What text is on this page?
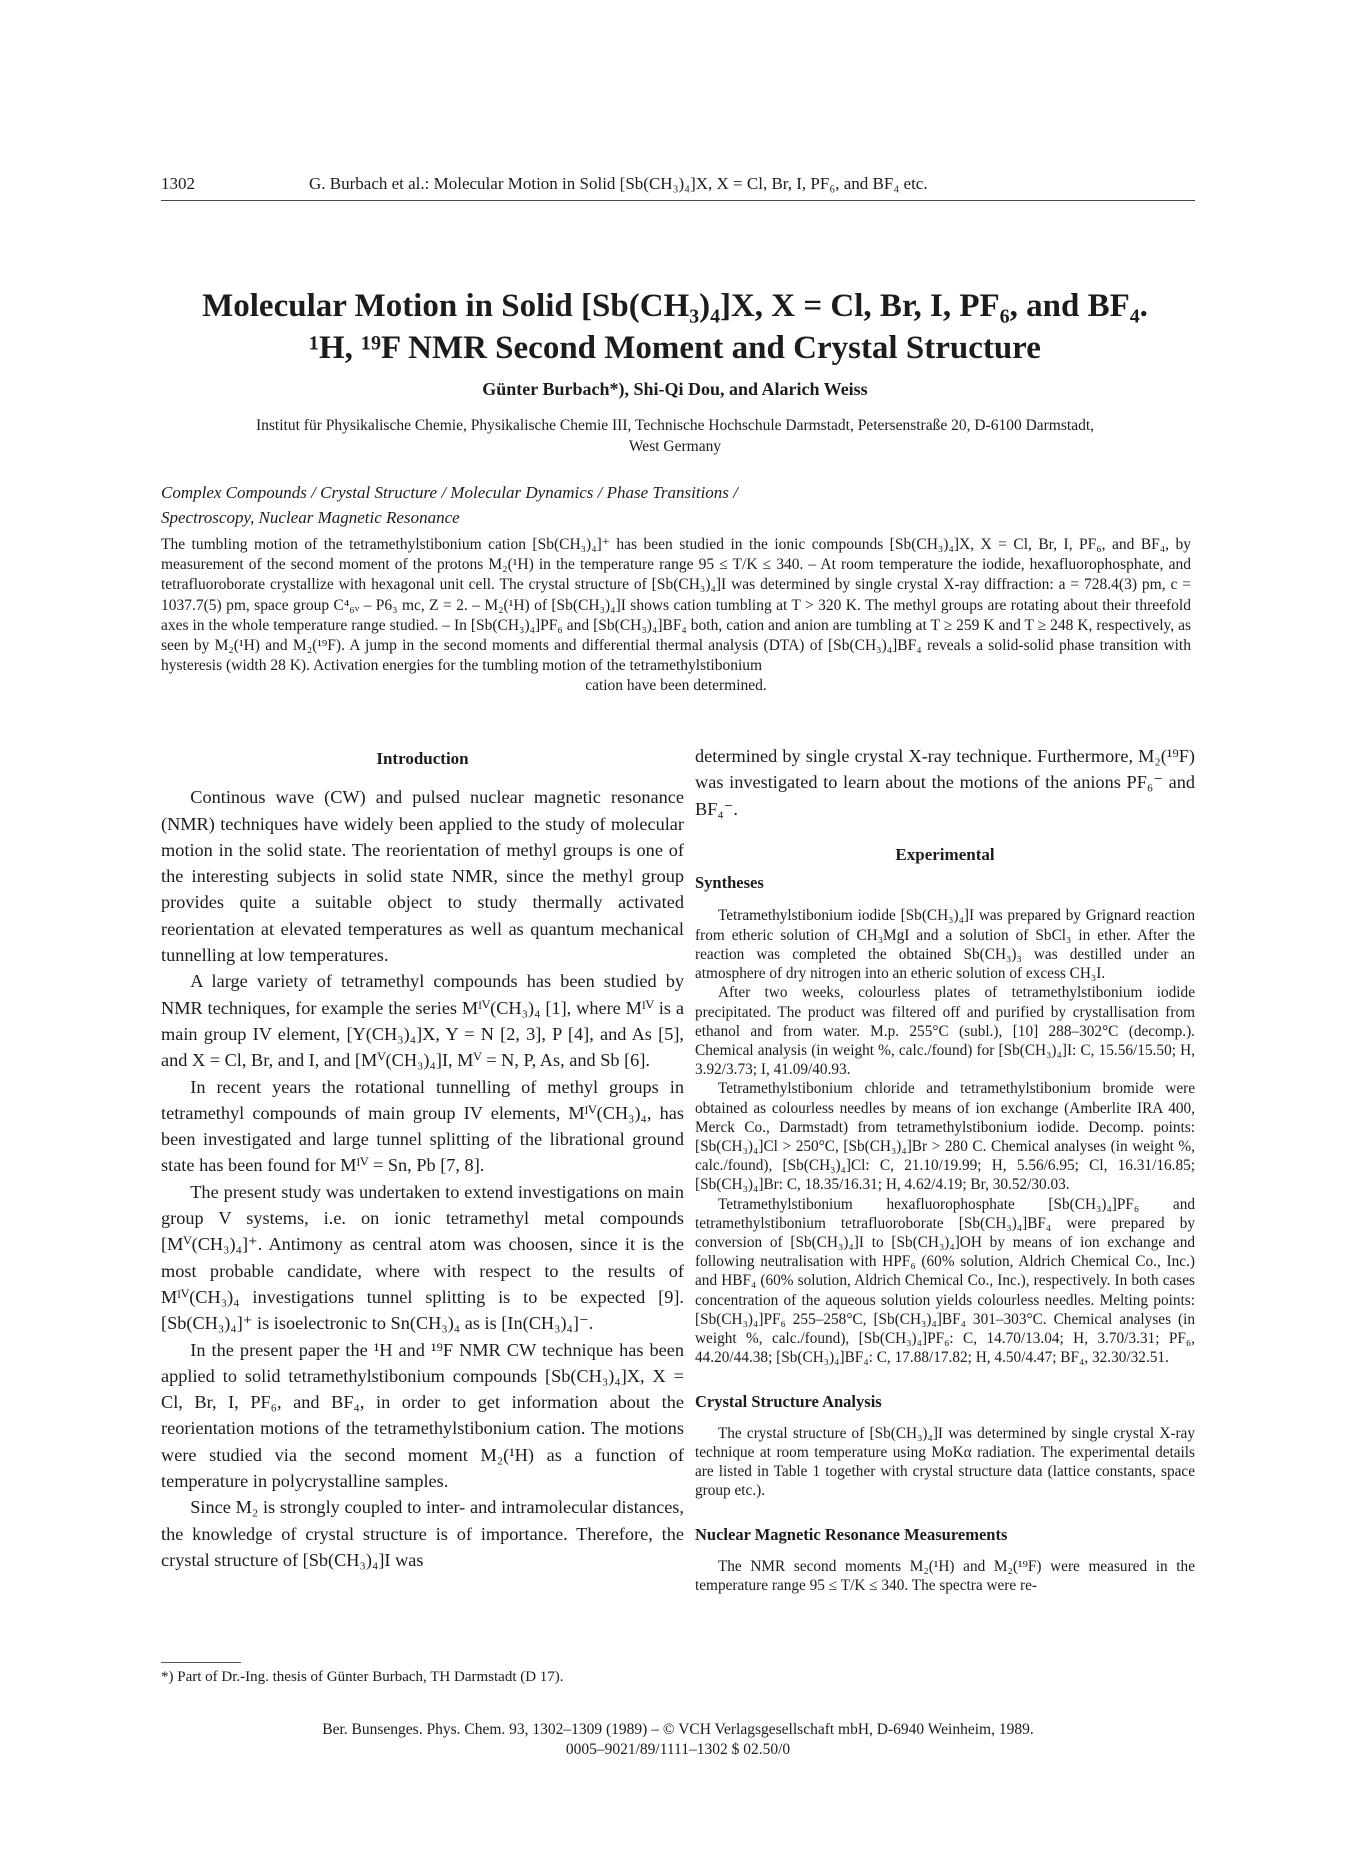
1302	G. Burbach et al.: Molecular Motion in Solid [Sb(CH₃)₄]X, X = Cl, Br, I, PF₆, and BF₄ etc.
Molecular Motion in Solid [Sb(CH₃)₄]X, X = Cl, Br, I, PF₆, and BF₄.
¹H, ¹⁹F NMR Second Moment and Crystal Structure
Günter Burbach*), Shi-Qi Dou, and Alarich Weiss
Institut für Physikalische Chemie, Physikalische Chemie III, Technische Hochschule Darmstadt, Petersenstraße 20, D-6100 Darmstadt,
West Germany
Complex Compounds / Crystal Structure / Molecular Dynamics / Phase Transitions /
Spectroscopy, Nuclear Magnetic Resonance
The tumbling motion of the tetramethylstibonium cation [Sb(CH₃)₄]⁺ has been studied in the ionic compounds [Sb(CH₃)₄]X, X = Cl, Br, I, PF₆, and BF₄, by measurement of the second moment of the protons M₂(¹H) in the temperature range 95 ≤ T/K ≤ 340. – At room temperature the iodide, hexafluorophosphate, and tetrafluoroborate crystallize with hexagonal unit cell. The crystal structure of [Sb(CH₃)₄]I was determined by single crystal X-ray diffraction: a = 728.4(3) pm, c = 1037.7(5) pm, space group C⁴₆ᵥ – P6₃ mc, Z = 2. – M₂(¹H) of [Sb(CH₃)₄]I shows cation tumbling at T > 320 K. The methyl groups are rotating about their threefold axes in the whole temperature range studied. – In [Sb(CH₃)₄]PF₆ and [Sb(CH₃)₄]BF₄ both, cation and anion are tumbling at T ≥ 259 K and T ≥ 248 K, respectively, as seen by M₂(¹H) and M₂(¹⁹F). A jump in the second moments and differential thermal analysis (DTA) of [Sb(CH₃)₄]BF₄ reveals a solid-solid phase transition with hysteresis (width 28 K). Activation energies for the tumbling motion of the tetramethylstibonium
cation have been determined.
Introduction

Continous wave (CW) and pulsed nuclear magnetic resonance (NMR) techniques have widely been applied to the study of molecular motion in the solid state. The reorientation of methyl groups is one of the interesting subjects in solid state NMR, since the methyl group provides quite a suitable object to study thermally activated reorientation at elevated temperatures as well as quantum mechanical tunnelling at low temperatures.

A large variety of tetramethyl compounds has been studied by NMR techniques, for example the series Mᴵⱽ(CH₃)₄ [1], where Mᴵⱽ is a main group IV element, [Y(CH₃)₄]X, Y = N [2, 3], P [4], and As [5], and X = Cl, Br, and I, and [Mⱽ(CH₃)₄]I, Mⱽ = N, P, As, and Sb [6].

In recent years the rotational tunnelling of methyl groups in tetramethyl compounds of main group IV elements, Mᴵⱽ(CH₃)₄, has been investigated and large tunnel splitting of the librational ground state has been found for Mᴵⱽ = Sn, Pb [7, 8].

The present study was undertaken to extend investigations on main group V systems, i.e. on ionic tetramethyl metal compounds [Mⱽ(CH₃)₄]⁺. Antimony as central atom was choosen, since it is the most probable candidate, where with respect to the results of Mᴵⱽ(CH₃)₄ investigations tunnel splitting is to be expected [9]. [Sb(CH₃)₄]⁺ is isoelectronic to Sn(CH₃)₄ as is [In(CH₃)₄]⁻.

In the present paper the ¹H and ¹⁹F NMR CW technique has been applied to solid tetramethylstibonium compounds [Sb(CH₃)₄]X, X = Cl, Br, I, PF₆, and BF₄, in order to get information about the reorientation motions of the tetramethylstibonium cation. The motions were studied via the second moment M₂(¹H) as a function of temperature in polycrystalline samples.

Since M₂ is strongly coupled to inter- and intramolecular distances, the knowledge of crystal structure is of importance. Therefore, the crystal structure of [Sb(CH₃)₄]I was

determined by single crystal X-ray technique. Furthermore, M₂(¹⁹F) was investigated to learn about the motions of the anions PF₆⁻ and BF₄⁻.
Experimental
Syntheses

Tetramethylstibonium iodide [Sb(CH₃)₄]I was prepared by Grignard reaction from etheric solution of CH₃MgI and a solution of SbCl₃ in ether. After the reaction was completed the obtained Sb(CH₃)₃ was destilled under an atmosphere of dry nitrogen into an etheric solution of excess CH₃I.

After two weeks, colourless plates of tetramethylstibonium iodide precipitated. The product was filtered off and purified by crystallisation from ethanol and from water. M.p. 255°C (subl.), [10] 288–302°C (decomp.). Chemical analysis (in weight %, calc./found) for [Sb(CH₃)₄]I: C, 15.56/15.50; H, 3.92/3.73; I, 41.09/40.93.

Tetramethylstibonium chloride and tetramethylstibonium bromide were obtained as colourless needles by means of ion exchange (Amberlite IRA 400, Merck Co., Darmstadt) from tetramethylstibonium iodide. Decomp. points: [Sb(CH₃)₄]Cl > 250°C, [Sb(CH₃)₄]Br > 280 C. Chemical analyses (in weight %, calc./found), [Sb(CH₃)₄]Cl: C, 21.10/19.99; H, 5.56/6.95; Cl, 16.31/16.85; [Sb(CH₃)₄]Br: C, 18.35/16.31; H, 4.62/4.19; Br, 30.52/30.03.

Tetramethylstibonium hexafluorophosphate [Sb(CH₃)₄]PF₆ and tetramethylstibonium tetrafluoroborate [Sb(CH₃)₄]BF₄ were prepared by conversion of [Sb(CH₃)₄]I to [Sb(CH₃)₄]OH by means of ion exchange and following neutralisation with HPF₆ (60% solution, Aldrich Chemical Co., Inc.) and HBF₄ (60% solution, Aldrich Chemical Co., Inc.), respectively. In both cases concentration of the aqueous solution yields colourless needles. Melting points: [Sb(CH₃)₄]PF₆ 255–258°C, [Sb(CH₃)₄]BF₄ 301–303°C. Chemical analyses (in weight %, calc./found), [Sb(CH₃)₄]PF₆: C, 14.70/13.04; H, 3.70/3.31; PF₆, 44.20/44.38; [Sb(CH₃)₄]BF₄: C, 17.88/17.82; H, 4.50/4.47; BF₄, 32.30/32.51.

Crystal Structure Analysis

The crystal structure of [Sb(CH₃)₄]I was determined by single crystal X-ray technique at room temperature using MoKα radiation. The experimental details are listed in Table 1 together with crystal structure data (lattice constants, space group etc.).

Nuclear Magnetic Resonance Measurements

The NMR second moments M₂(¹H) and M₂(¹⁹F) were measured in the temperature range 95 ≤ T/K ≤ 340. The spectra were re-

*) Part of Dr.-Ing. thesis of Günter Burbach, TH Darmstadt (D 17).
Ber. Bunsenges. Phys. Chem. 93, 1302–1309 (1989) – © VCH Verlagsgesellschaft mbH, D-6940 Weinheim, 1989.
0005–9021/89/1111–1302 $ 02.50/0
